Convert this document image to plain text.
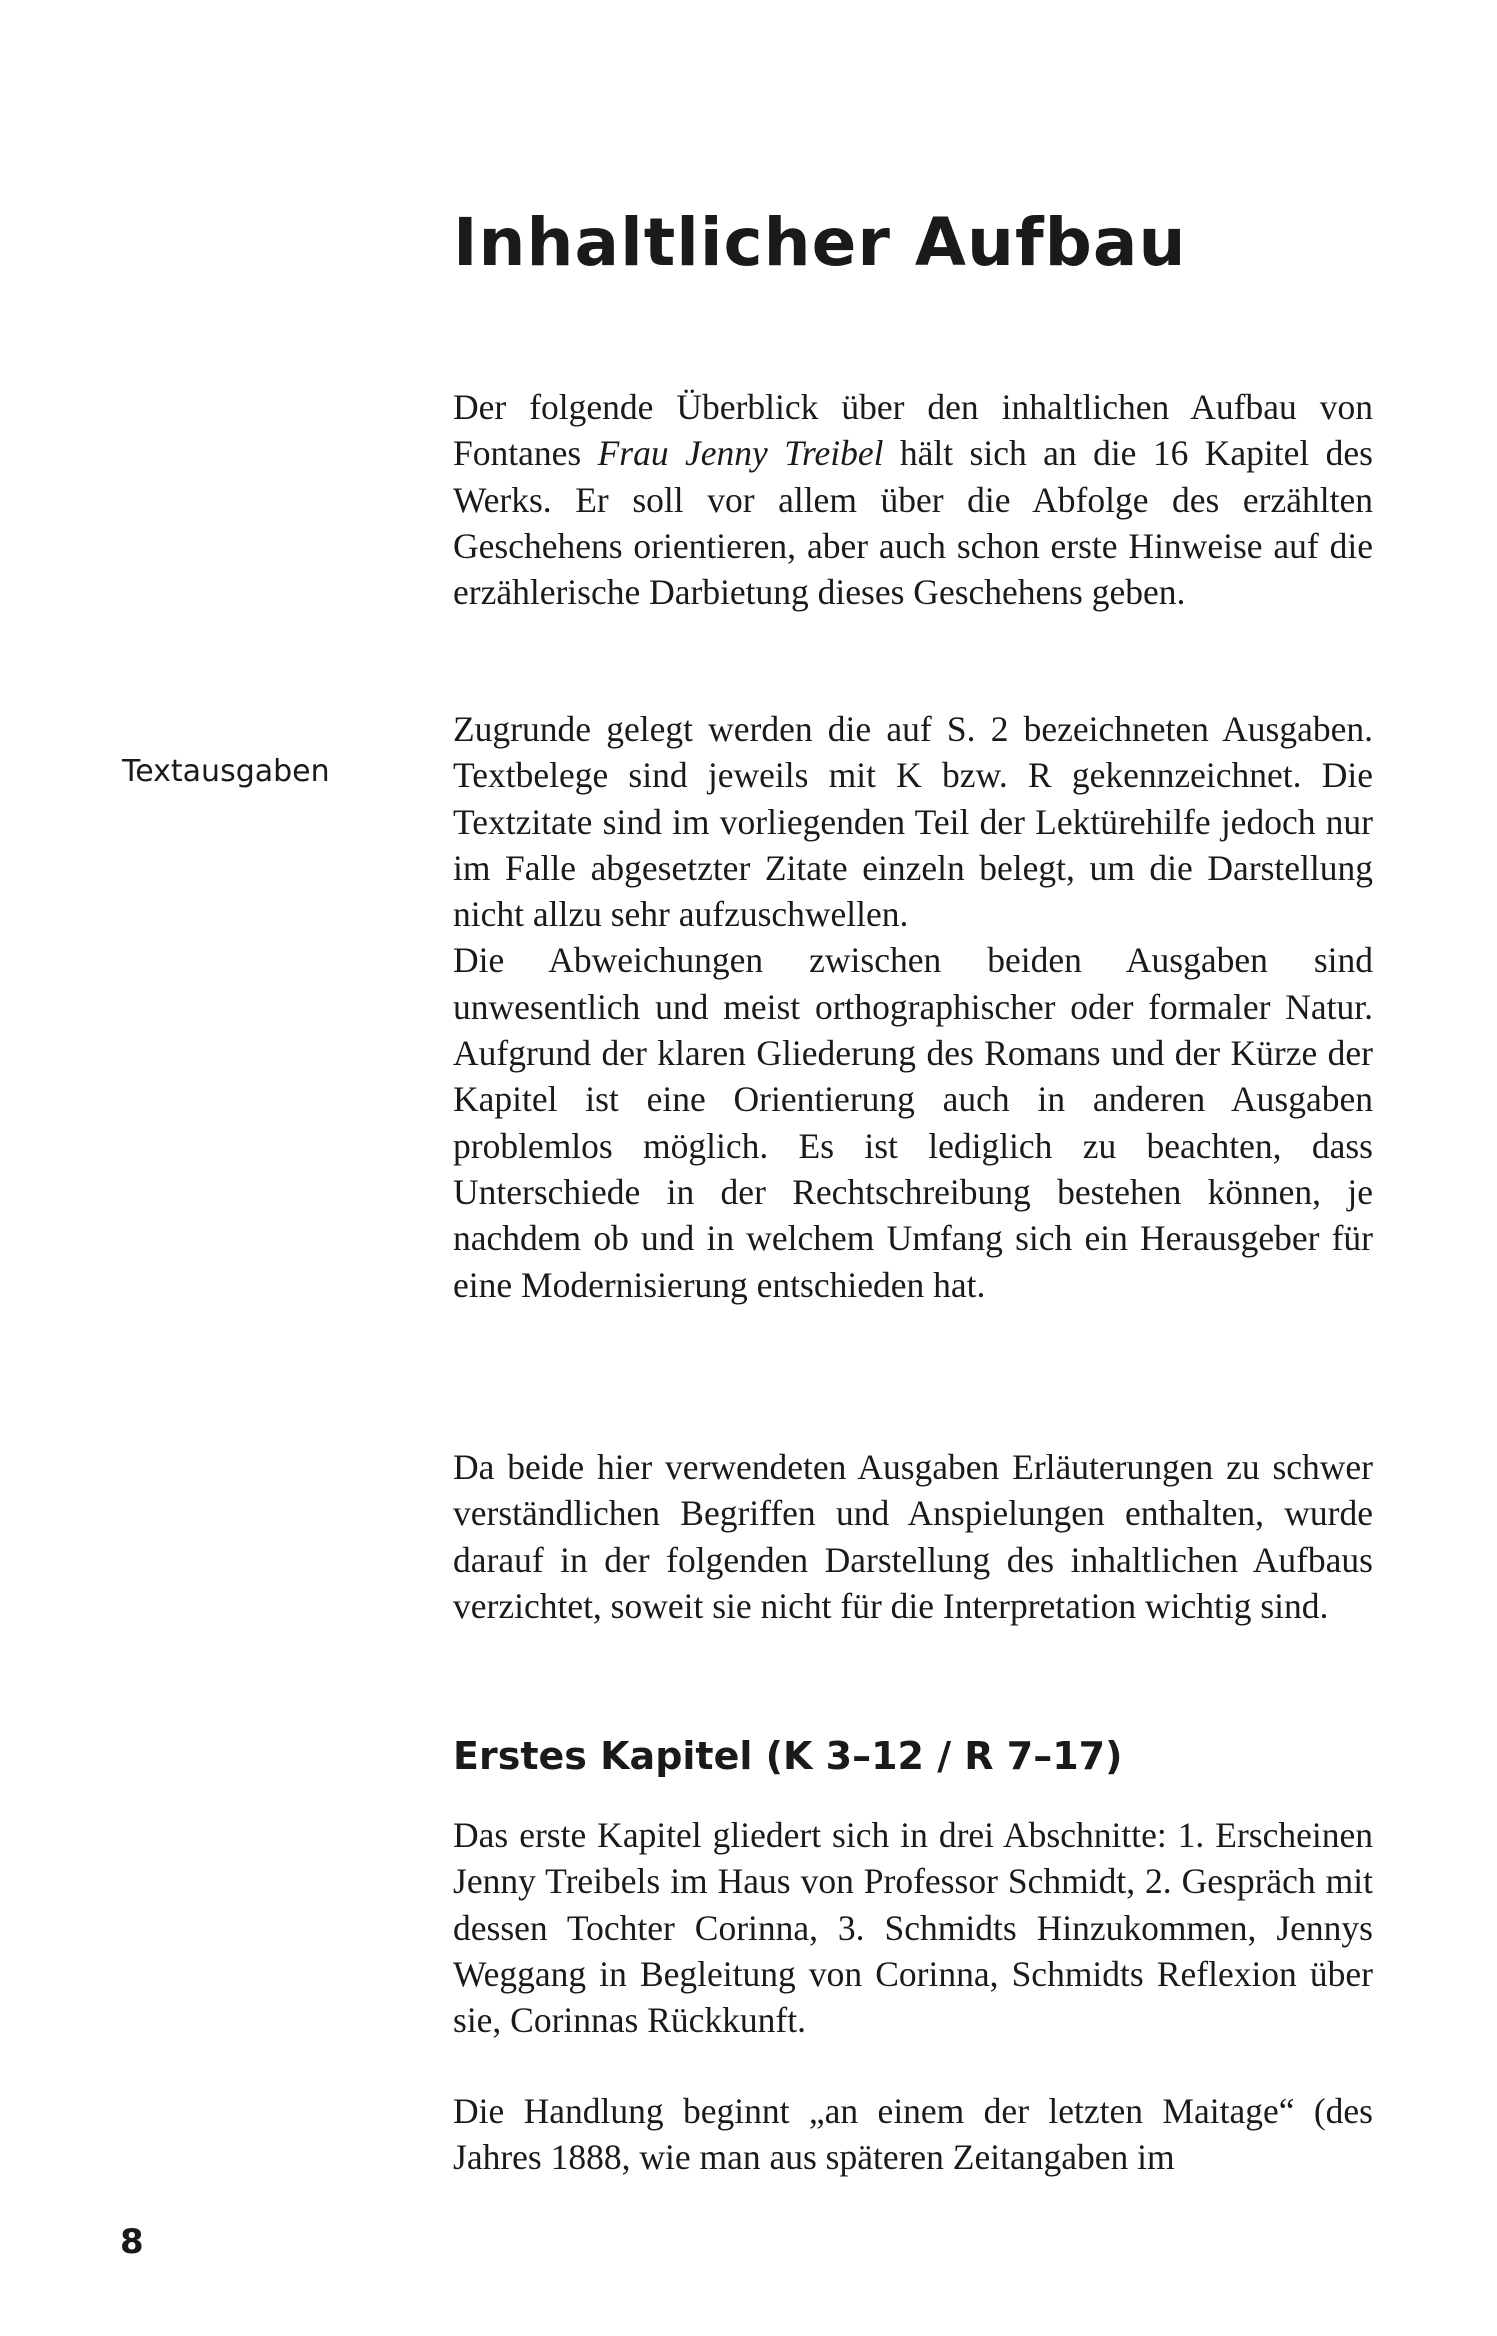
Inhaltlicher Aufbau

Der folgende Überblick über den inhaltlichen Aufbau von Fontanes Frau Jenny Treibel hält sich an die 16 Kapitel des Werks. Er soll vor allem über die Abfolge des erzählten Geschehens orientieren, aber auch schon erste Hinweise auf die erzählerische Darbietung dieses Geschehens geben.

Textausgaben

Zugrunde gelegt werden die auf S. 2 bezeichneten Ausgaben. Textbelege sind jeweils mit K bzw. R gekennzeichnet. Die Textzitate sind im vorliegenden Teil der Lektürehilfe jedoch nur im Falle abgesetzter Zitate einzeln belegt, um die Darstellung nicht allzu sehr aufzuschwellen.

Die Abweichungen zwischen beiden Ausgaben sind unwesentlich und meist orthographischer oder formaler Natur. Aufgrund der klaren Gliederung des Romans und der Kürze der Kapitel ist eine Orientierung auch in anderen Ausgaben problemlos möglich. Es ist lediglich zu beachten, dass Unterschiede in der Rechtschreibung bestehen können, je nachdem ob und in welchem Umfang sich ein Herausgeber für eine Modernisierung entschieden hat.

Da beide hier verwendeten Ausgaben Erläuterungen zu schwer verständlichen Begriffen und Anspielungen enthalten, wurde darauf in der folgenden Darstellung des inhaltlichen Aufbaus verzichtet, soweit sie nicht für die Interpretation wichtig sind.

Erstes Kapitel (K 3–12 / R 7–17)

Das erste Kapitel gliedert sich in drei Abschnitte: 1. Erscheinen Jenny Treibels im Haus von Professor Schmidt, 2. Gespräch mit dessen Tochter Corinna, 3. Schmidts Hinzukommen, Jennys Weggang in Begleitung von Corinna, Schmidts Reflexion über sie, Corinnas Rückkunft.

Die Handlung beginnt „an einem der letzten Maitage“ (des Jahres 1888, wie man aus späteren Zeitangaben im

8
